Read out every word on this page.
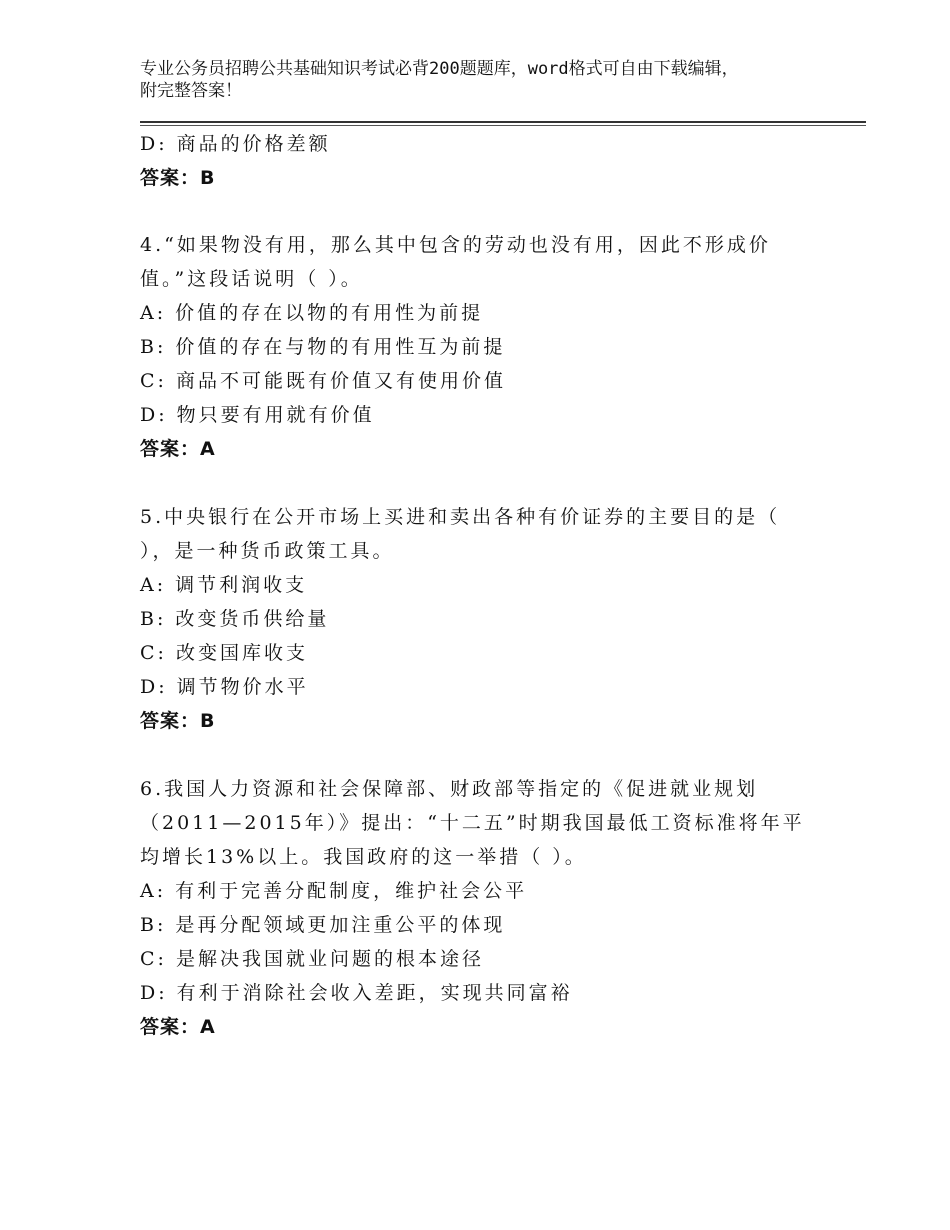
专业公务员招聘公共基础知识考试必背200题题库，word格式可自由下载编辑，
附完整答案！
D: 商品的价格差额
答案：B
4.“如果物没有用，那么其中包含的劳动也没有用，因此不形成价
值。”这段话说明（ ）。
A: 价值的存在以物的有用性为前提
B: 价值的存在与物的有用性互为前提
C: 商品不可能既有价值又有使用价值
D: 物只要有用就有价值
答案：A
5.中央银行在公开市场上买进和卖出各种有价证券的主要目的是（
），是一种货币政策工具。
A: 调节利润收支
B: 改变货币供给量
C: 改变国库收支
D: 调节物价水平
答案：B
6.我国人力资源和社会保障部、财政部等指定的《促进就业规划
（2011—2015年）》提出：“十二五”时期我国最低工资标准将年平
均增长13%以上。我国政府的这一举措（ ）。
A: 有利于完善分配制度，维护社会公平
B: 是再分配领域更加注重公平的体现
C: 是解决我国就业问题的根本途径
D: 有利于消除社会收入差距，实现共同富裕
答案：A
